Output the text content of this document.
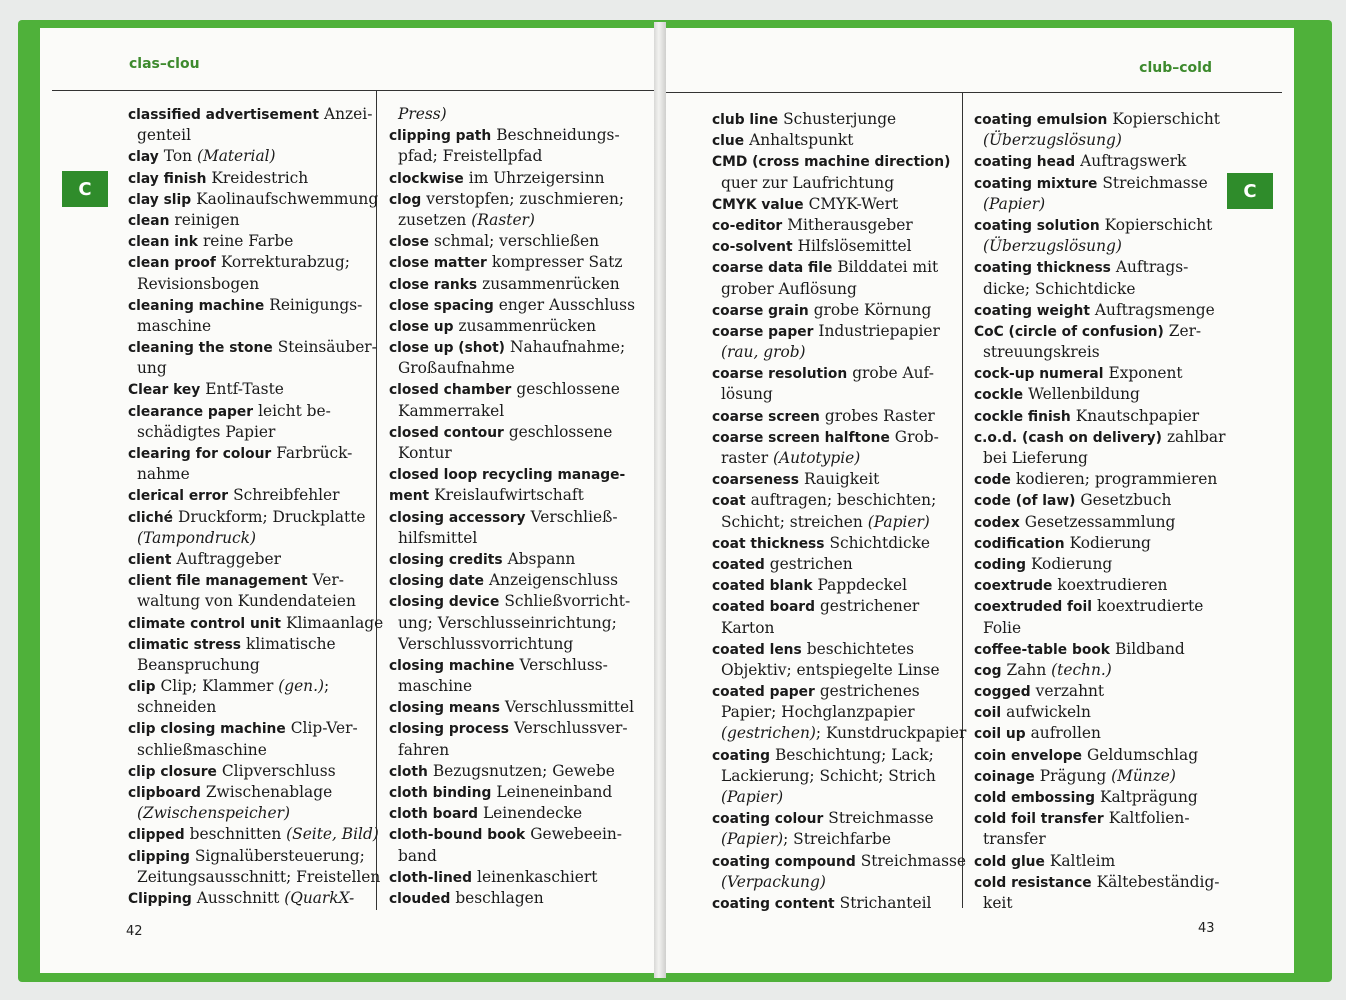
clas–clou
C
classified advertisement Anzei-
genteil
clay Ton (Material)
clay finish Kreidestrich
clay slip Kaolinaufschwemmung
clean reinigen
clean ink reine Farbe
clean proof Korrekturabzug;
Revisionsbogen
cleaning machine Reinigungs-
maschine
cleaning the stone Steinsäuber-
ung
Clear key Entf-Taste
clearance paper leicht be-
schädigtes Papier
clearing for colour Farbrück-
nahme
clerical error Schreibfehler
cliché Druckform; Druckplatte
(Tampondruck)
client Auftraggeber
client file management Ver-
waltung von Kundendateien
climate control unit Klimaanlage
climatic stress klimatische
Beanspruchung
clip Clip; Klammer (gen.);
schneiden
clip closing machine Clip-Ver-
schließmaschine
clip closure Clipverschluss
clipboard Zwischenablage
(Zwischenspeicher)
clipped beschnitten (Seite, Bild)
clipping Signalübersteuerung;
Zeitungsausschnitt; Freistellen
Clipping Ausschnitt (QuarkX-
Press)
clipping path Beschneidungs-
pfad; Freistellpfad
clockwise im Uhrzeigersinn
clog verstopfen; zuschmieren;
zusetzen (Raster)
close schmal; verschließen
close matter kompresser Satz
close ranks zusammenrücken
close spacing enger Ausschluss
close up zusammenrücken
close up (shot) Nahaufnahme;
Großaufnahme
closed chamber geschlossene
Kammerrakel
closed contour geschlossene
Kontur
closed loop recycling manage-
ment Kreislaufwirtschaft
closing accessory Verschließ-
hilfsmittel
closing credits Abspann
closing date Anzeigenschluss
closing device Schließvorricht-
ung; Verschlusseinrichtung;
Verschlussvorrichtung
closing machine Verschluss-
maschine
closing means Verschlussmittel
closing process Verschlussver-
fahren
cloth Bezugsnutzen; Gewebe
cloth binding Leineneinband
cloth board Leinendecke
cloth-bound book Gewebeein-
band
cloth-lined leinenkaschiert
clouded beschlagen
42
club–cold
C
club line Schusterjunge
clue Anhaltspunkt
CMD (cross machine direction)
quer zur Laufrichtung
CMYK value CMYK-Wert
co-editor Mitherausgeber
co-solvent Hilfslösemittel
coarse data file Bilddatei mit
grober Auflösung
coarse grain grobe Körnung
coarse paper Industriepapier
(rau, grob)
coarse resolution grobe Auf-
lösung
coarse screen grobes Raster
coarse screen halftone Grob-
raster (Autotypie)
coarseness Rauigkeit
coat auftragen; beschichten;
Schicht; streichen (Papier)
coat thickness Schichtdicke
coated gestrichen
coated blank Pappdeckel
coated board gestrichener
Karton
coated lens beschichtetes
Objektiv; entspiegelte Linse
coated paper gestrichenes
Papier; Hochglanzpapier
(gestrichen); Kunstdruckpapier
coating Beschichtung; Lack;
Lackierung; Schicht; Strich
(Papier)
coating colour Streichmasse
(Papier); Streichfarbe
coating compound Streichmasse
(Verpackung)
coating content Strichanteil
coating emulsion Kopierschicht
(Überzugslösung)
coating head Auftragswerk
coating mixture Streichmasse
(Papier)
coating solution Kopierschicht
(Überzugslösung)
coating thickness Auftrags-
dicke; Schichtdicke
coating weight Auftragsmenge
CoC (circle of confusion) Zer-
streuungskreis
cock-up numeral Exponent
cockle Wellenbildung
cockle finish Knautschpapier
c.o.d. (cash on delivery) zahlbar
bei Lieferung
code kodieren; programmieren
code (of law) Gesetzbuch
codex Gesetzessammlung
codification Kodierung
coding Kodierung
coextrude koextrudieren
coextruded foil koextrudierte
Folie
coffee-table book Bildband
cog Zahn (techn.)
cogged verzahnt
coil aufwickeln
coil up aufrollen
coin envelope Geldumschlag
coinage Prägung (Münze)
cold embossing Kaltprägung
cold foil transfer Kaltfolien-
transfer
cold glue Kaltleim
cold resistance Kältebeständig-
keit
43
